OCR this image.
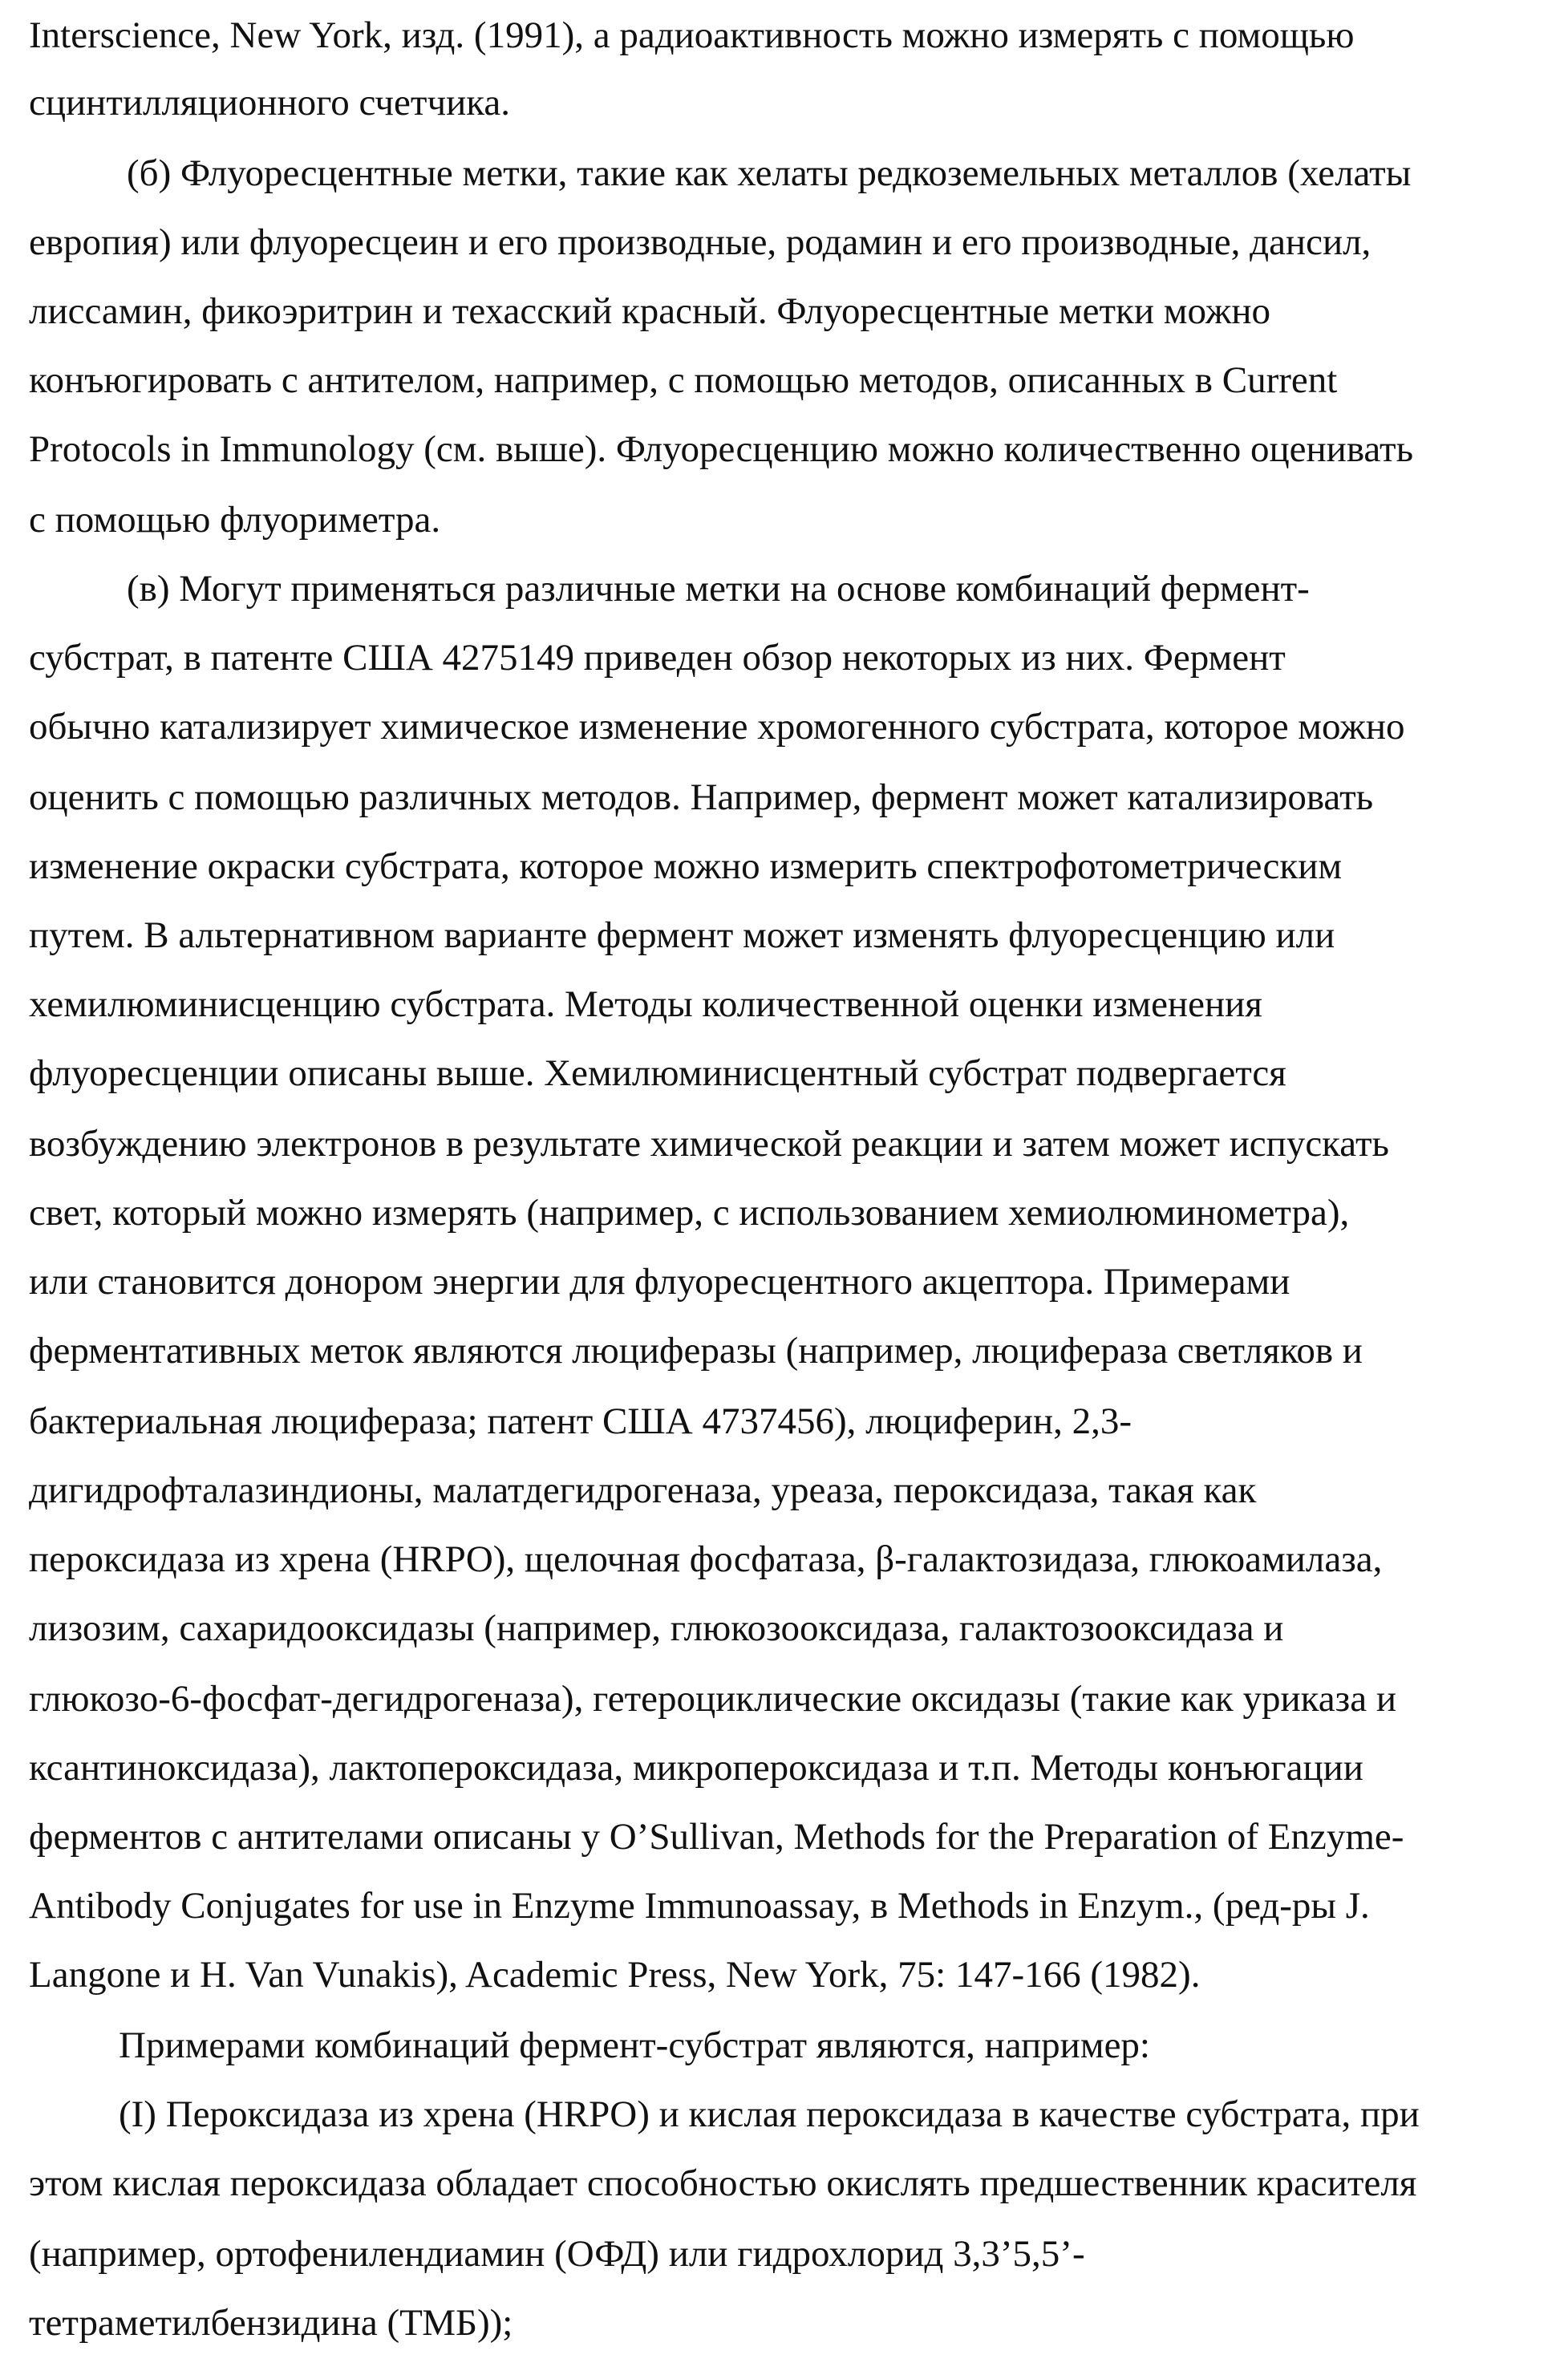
Interscience, New York, изд. (1991), а радиоактивность можно измерять с помощью
сцинтилляционного счетчика.
(б) Флуоресцентные метки, такие как хелаты редкоземельных металлов (хелаты
европия) или флуоресцеин и его производные, родамин и его производные, дансил,
лиссамин, фикоэритрин и техасский красный. Флуоресцентные метки можно
конъюгировать с антителом, например, с помощью методов, описанных в Current
Protocols in Immunology (см. выше). Флуоресценцию можно количественно оценивать
с помощью флуориметра.
(в) Могут применяться различные метки на основе комбинаций фермент-
субстрат, в патенте США 4275149 приведен обзор некоторых из них. Фермент
обычно катализирует химическое изменение хромогенного субстрата, которое можно
оценить с помощью различных методов. Например, фермент может катализировать
изменение окраски субстрата, которое можно измерить спектрофотометрическим
путем. В альтернативном варианте фермент может изменять флуоресценцию или
хемилюминисценцию субстрата. Методы количественной оценки изменения
флуоресценции описаны выше. Хемилюминисцентный субстрат подвергается
возбуждению электронов в результате химической реакции и затем может испускать
свет, который можно измерять (например, с использованием хемиолюминометра),
или становится донором энергии для флуоресцентного акцептора. Примерами
ферментативных меток являются люциферазы (например, люцифераза светляков и
бактериальная люцифераза; патент США 4737456), люциферин, 2,3-
дигидрофталазиндионы, малатдегидрогеназа, уреаза, пероксидаза, такая как
пероксидаза из хрена (HRPO), щелочная фосфатаза, β-галактозидаза, глюкоамилаза,
лизозим, сахаридооксидазы (например, глюкозооксидаза, галактозооксидаза и
глюкозо-6-фосфат-дегидрогеназа), гетероциклические оксидазы (такие как уриказа и
ксантиноксидаза), лактопероксидаза, микропероксидаза и т.п. Методы конъюгации
ферментов с антителами описаны у O’Sullivan, Methods for the Preparation of Enzyme-
Antibody Conjugates for use in Enzyme Immunoassay, в Methods in Enzym., (ред-ры J.
Langone и H. Van Vunakis), Academic Press, New York, 75: 147-166 (1982).
Примерами комбинаций фермент-субстрат являются, например:
(I) Пероксидаза из хрена (HRPO) и кислая пероксидаза в качестве субстрата, при
этом кислая пероксидаза обладает способностью окислять предшественник красителя
(например, ортофенилендиамин (ОФД) или гидрохлорид 3,3’5,5’-
тетраметилбензидина (ТМБ));
